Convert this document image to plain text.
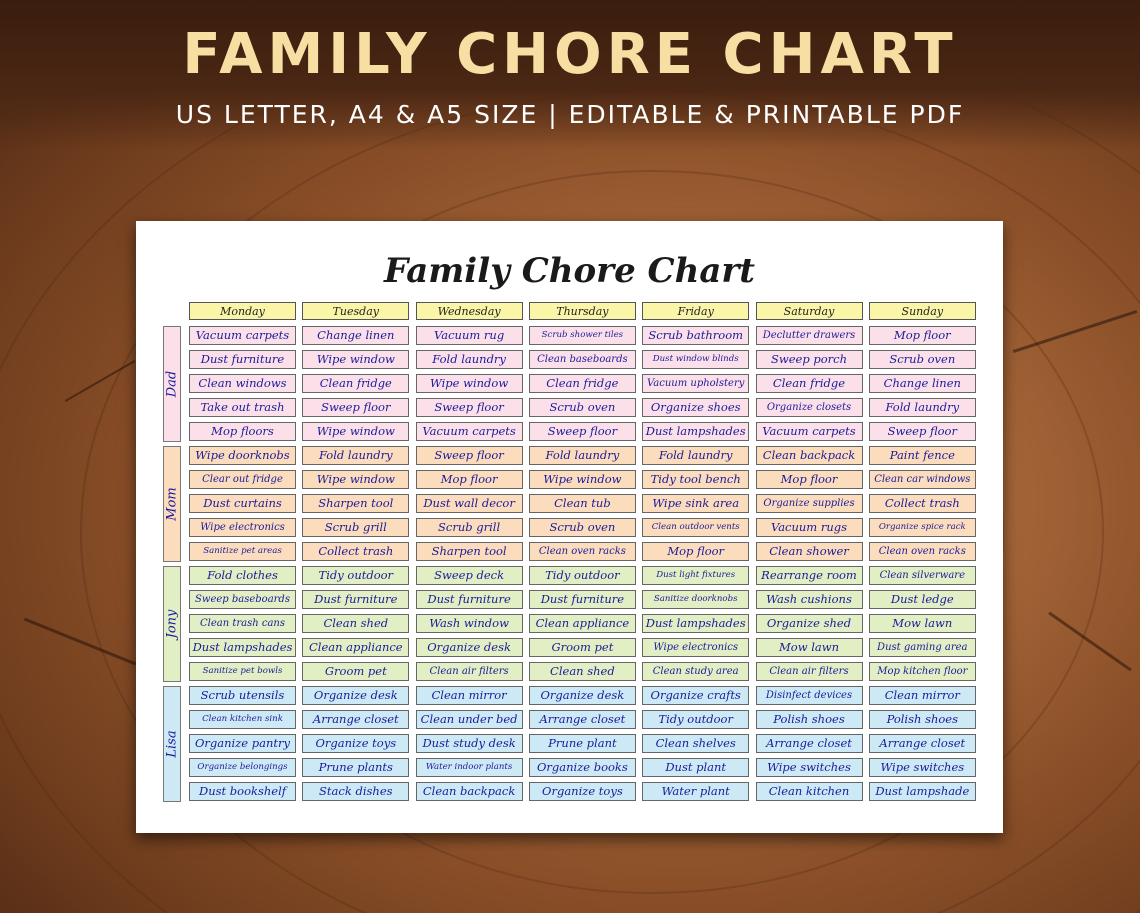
FAMILY CHORE CHART
US LETTER, A4 & A5 SIZE | EDITABLE & PRINTABLE PDF
Family Chore Chart
Monday	Tuesday	Wednesday	Thursday	Friday	Saturday	Sunday
Dad
Vacuum carpets	Change linen	Vacuum rug	Scrub shower tiles	Scrub bathroom	Declutter drawers	Mop floor
Dust furniture	Wipe window	Fold laundry	Clean baseboards	Dust window blinds	Sweep porch	Scrub oven
Clean windows	Clean fridge	Wipe window	Clean fridge	Vacuum upholstery	Clean fridge	Change linen
Take out trash	Sweep floor	Sweep floor	Scrub oven	Organize shoes	Organize closets	Fold laundry
Mop floors	Wipe window	Vacuum carpets	Sweep floor	Dust lampshades	Vacuum carpets	Sweep floor
Mom
Wipe doorknobs	Fold laundry	Sweep floor	Fold laundry	Fold laundry	Clean backpack	Paint fence
Clear out fridge	Wipe window	Mop floor	Wipe window	Tidy tool bench	Mop floor	Clean car windows
Dust curtains	Sharpen tool	Dust wall decor	Clean tub	Wipe sink area	Organize supplies	Collect trash
Wipe electronics	Scrub grill	Scrub grill	Scrub oven	Clean outdoor vents	Vacuum rugs	Organize spice rack
Sanitize pet areas	Collect trash	Sharpen tool	Clean oven racks	Mop floor	Clean shower	Clean oven racks
Jony
Fold clothes	Tidy outdoor	Sweep deck	Tidy outdoor	Dust light fixtures	Rearrange room	Clean silverware
Sweep baseboards	Dust furniture	Dust furniture	Dust furniture	Sanitize doorknobs	Wash cushions	Dust ledge
Clean trash cans	Clean shed	Wash window	Clean appliance	Dust lampshades	Organize shed	Mow lawn
Dust lampshades	Clean appliance	Organize desk	Groom pet	Wipe electronics	Mow lawn	Dust gaming area
Sanitize pet bowls	Groom pet	Clean air filters	Clean shed	Clean study area	Clean air filters	Mop kitchen floor
Lisa
Scrub utensils	Organize desk	Clean mirror	Organize desk	Organize crafts	Disinfect devices	Clean mirror
Clean kitchen sink	Arrange closet	Clean under bed	Arrange closet	Tidy outdoor	Polish shoes	Polish shoes
Organize pantry	Organize toys	Dust study desk	Prune plant	Clean shelves	Arrange closet	Arrange closet
Organize belongings	Prune plants	Water indoor plants	Organize books	Dust plant	Wipe switches	Wipe switches
Dust bookshelf	Stack dishes	Clean backpack	Organize toys	Water plant	Clean kitchen	Dust lampshade
